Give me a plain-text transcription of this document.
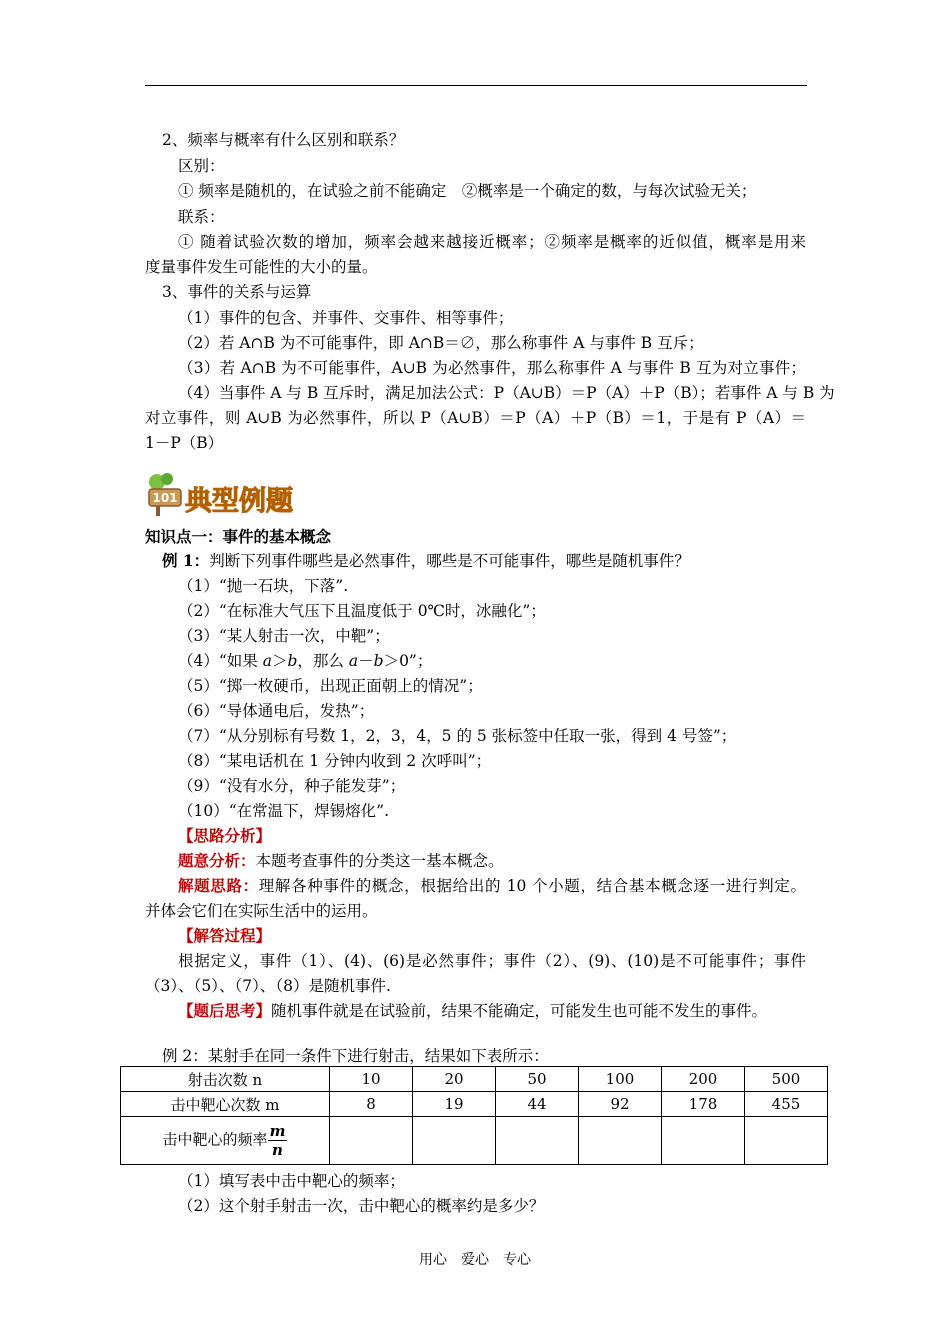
2、频率与概率有什么区别和联系？
区别：
① 频率是随机的，在试验之前不能确定　②概率是一个确定的数，与每次试验无关；
联系：
① 随着试验次数的增加，频率会越来越接近概率；②频率是概率的近似值，概率是用来
度量事件发生可能性的大小的量。
3、事件的关系与运算
（1）事件的包含、并事件、交事件、相等事件；
（2）若 A∩B 为不可能事件，即 A∩B＝∅，那么称事件 A 与事件 B 互斥；
（3）若 A∩B 为不可能事件，A∪B 为必然事件，那么称事件 A 与事件 B 互为对立事件；
（4）当事件 A 与 B 互斥时，满足加法公式：P（A∪B）＝P（A）＋P（B）；若事件 A 与 B 为
对立事件，则 A∪B 为必然事件，所以 P（A∪B）＝P（A）＋P（B）＝1，于是有 P（A）＝
1－P（B）
101 典型例题
知识点一：事件的基本概念
例 1：判断下列事件哪些是必然事件，哪些是不可能事件，哪些是随机事件？
（1）“抛一石块，下落”.
（2）“在标准大气压下且温度低于 0℃时，冰融化”；
（3）“某人射击一次，中靶”；
（4）“如果 a＞b，那么 a－b＞0”；
（5）“掷一枚硬币，出现正面朝上的情况”；
（6）“导体通电后，发热”；
（7）“从分别标有号数 1，2，3，4，5 的 5 张标签中任取一张，得到 4 号签”；
（8）“某电话机在 1 分钟内收到 2 次呼叫”；
（9）“没有水分，种子能发芽”；
（10）“在常温下，焊锡熔化”.
【思路分析】
题意分析：本题考查事件的分类这一基本概念。
解题思路：理解各种事件的概念，根据给出的 10 个小题，结合基本概念逐一进行判定。
并体会它们在实际生活中的运用。
【解答过程】
根据定义，事件（1）、(4)、(6)是必然事件；事件（2）、(9)、(10)是不可能事件；事件
（3）、（5）、（7）、（8）是随机事件.
【题后思考】随机事件就是在试验前，结果不能确定，可能发生也可能不发生的事件。
例 2：某射手在同一条件下进行射击，结果如下表所示：
射击次数 n	10	20	50	100	200	500
击中靶心次数 m	8	19	44	92	178	455
击中靶心的频率 $\frac{m}{n}$

（1）填写表中击中靶心的频率；
（2）这个射手射击一次，击中靶心的概率约是多少？
用心　爱心　专心
